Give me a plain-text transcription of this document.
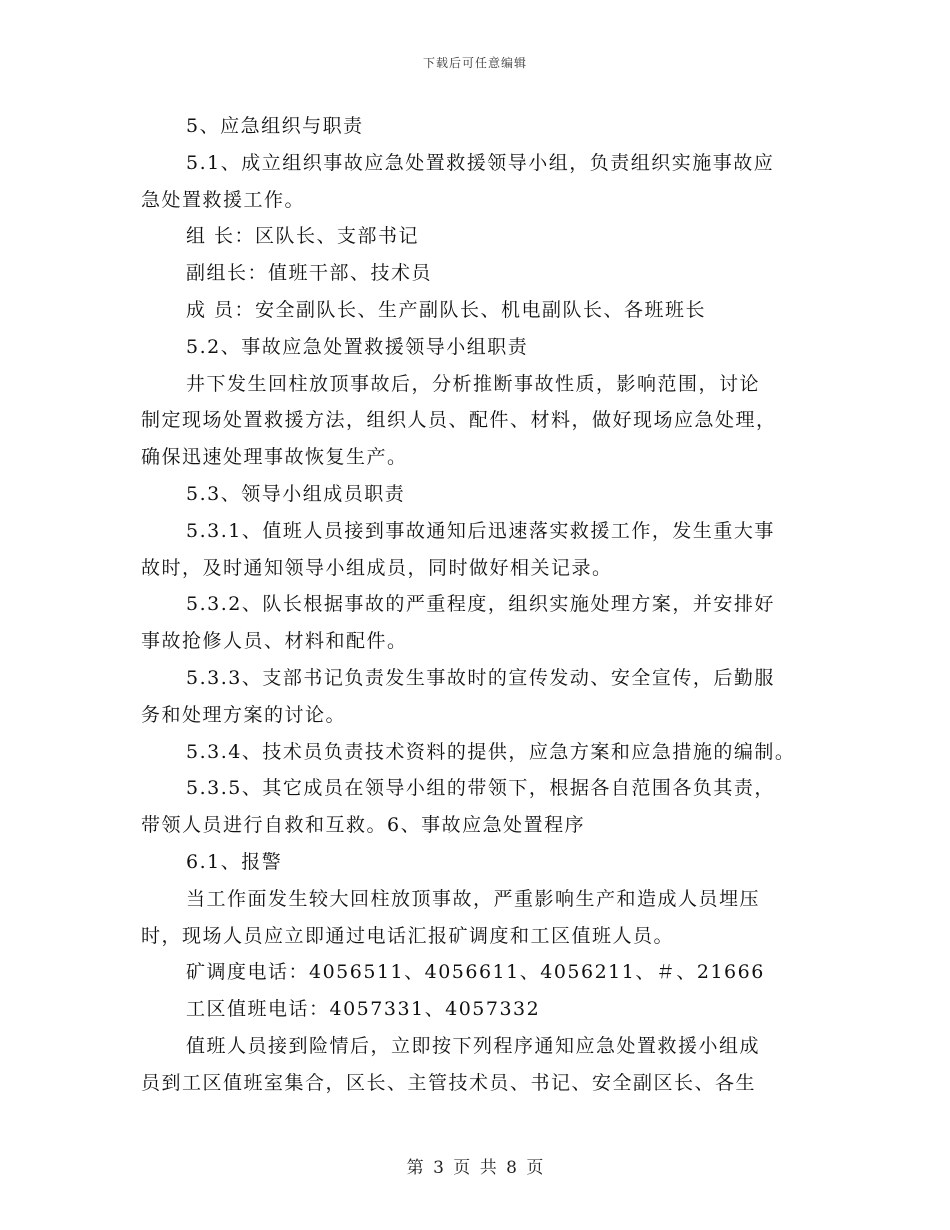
下载后可任意编辑
5、应急组织与职责
5.1、成立组织事故应急处置救援领导小组，负责组织实施事故应
急处置救援工作。
组 长：区队长、支部书记
副组长：值班干部、技术员
成 员：安全副队长、生产副队长、机电副队长、各班班长
5.2、事故应急处置救援领导小组职责
井下发生回柱放顶事故后，分析推断事故性质，影响范围，讨论
制定现场处置救援方法，组织人员、配件、材料，做好现场应急处理，
确保迅速处理事故恢复生产。
5.3、领导小组成员职责
5.3.1、值班人员接到事故通知后迅速落实救援工作，发生重大事
故时，及时通知领导小组成员，同时做好相关记录。
5.3.2、队长根据事故的严重程度，组织实施处理方案，并安排好
事故抢修人员、材料和配件。
5.3.3、支部书记负责发生事故时的宣传发动、安全宣传，后勤服
务和处理方案的讨论。
5.3.4、技术员负责技术资料的提供，应急方案和应急措施的编制。
5.3.5、其它成员在领导小组的带领下，根据各自范围各负其责，
带领人员进行自救和互救。6、事故应急处置程序
6.1、报警
当工作面发生较大回柱放顶事故，严重影响生产和造成人员埋压
时，现场人员应立即通过电话汇报矿调度和工区值班人员。
矿调度电话：4056511、4056611、4056211、＃、21666
工区值班电话：4057331、4057332
值班人员接到险情后，立即按下列程序通知应急处置救援小组成
员到工区值班室集合，区长、主管技术员、书记、安全副区长、各生
第 3 页 共 8 页
